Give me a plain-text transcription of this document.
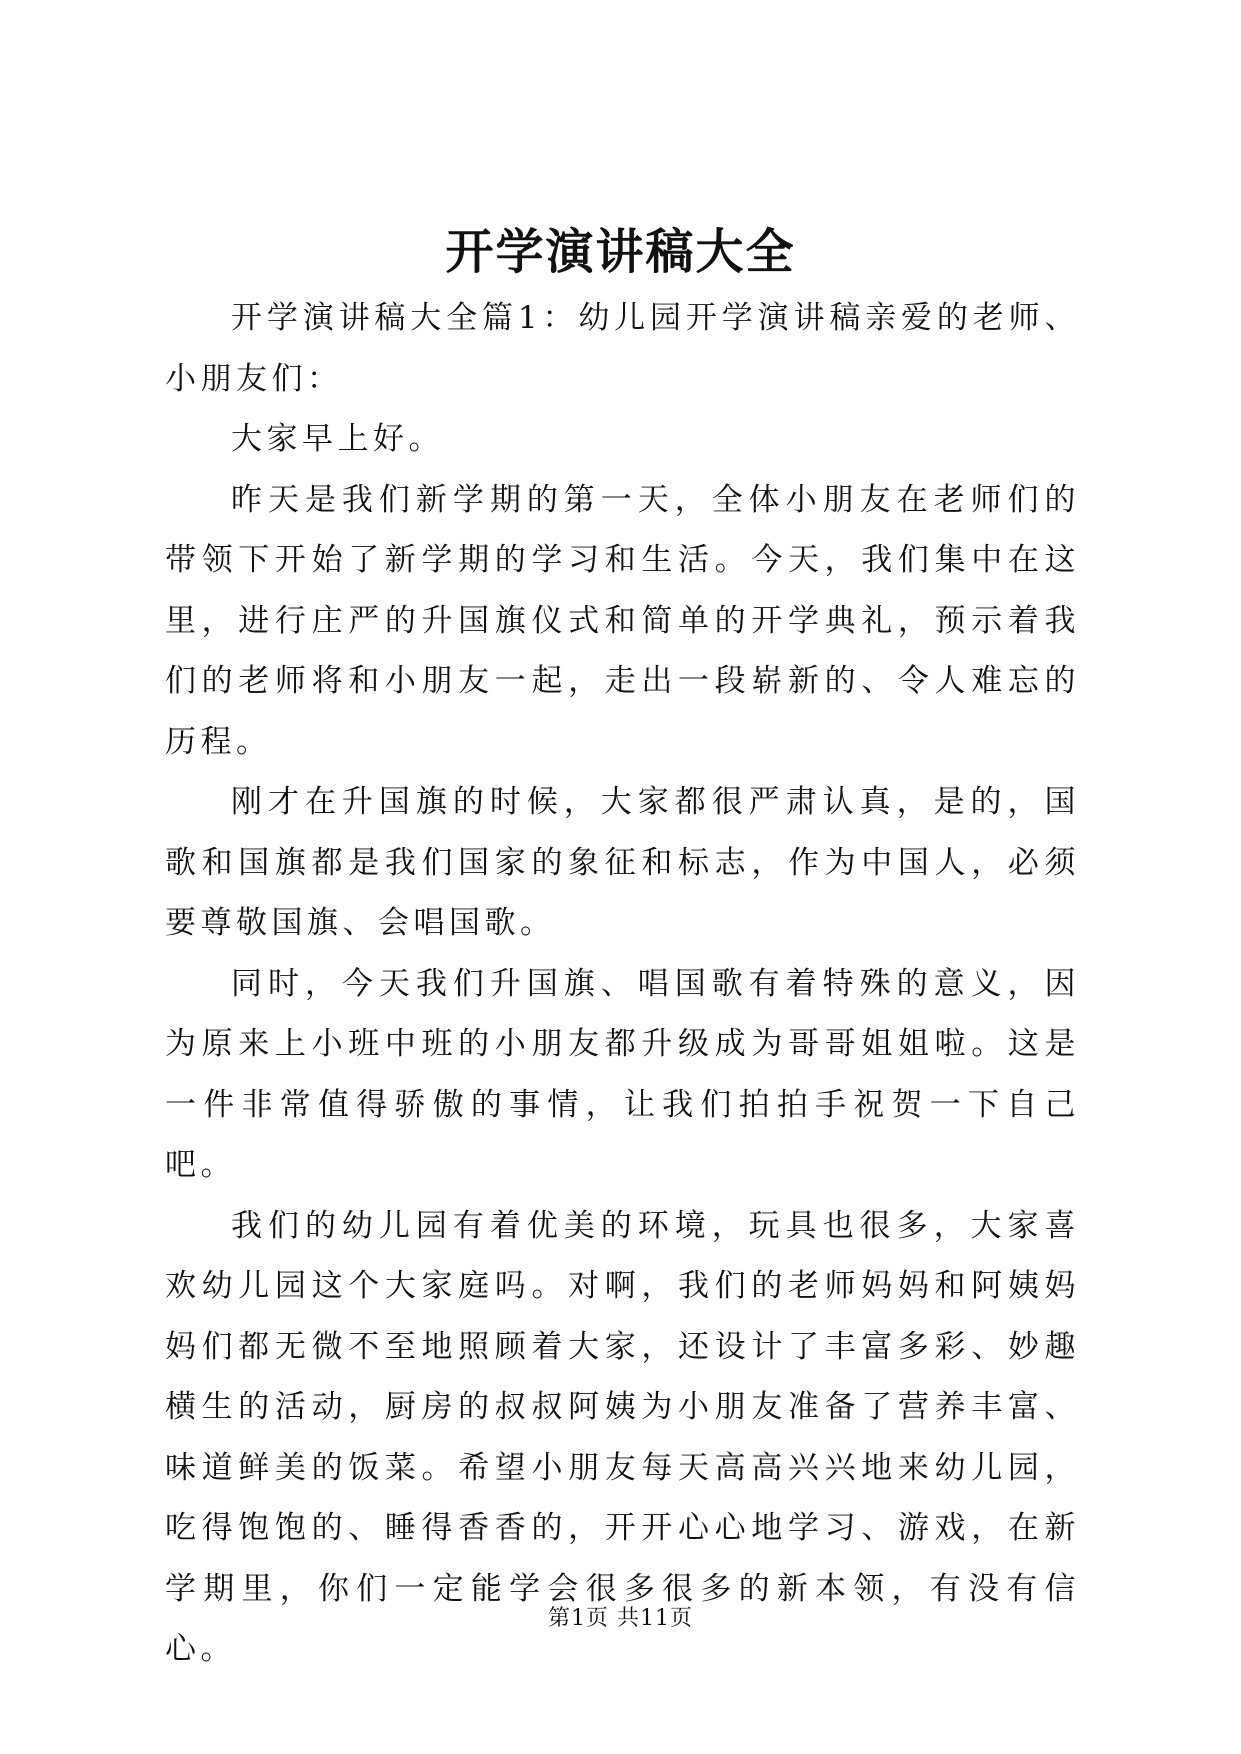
开学演讲稿大全

开学演讲稿大全篇1：幼儿园开学演讲稿亲爱的老师、小朋友们：

大家早上好。

昨天是我们新学期的第一天，全体小朋友在老师们的带领下开始了新学期的学习和生活。今天，我们集中在这里，进行庄严的升国旗仪式和简单的开学典礼，预示着我们的老师将和小朋友一起，走出一段崭新的、令人难忘的历程。

刚才在升国旗的时候，大家都很严肃认真，是的，国歌和国旗都是我们国家的象征和标志，作为中国人，必须要尊敬国旗、会唱国歌。

同时，今天我们升国旗、唱国歌有着特殊的意义，因为原来上小班中班的小朋友都升级成为哥哥姐姐啦。这是一件非常值得骄傲的事情，让我们拍拍手祝贺一下自己吧。

我们的幼儿园有着优美的环境，玩具也很多，大家喜欢幼儿园这个大家庭吗。对啊，我们的老师妈妈和阿姨妈妈们都无微不至地照顾着大家，还设计了丰富多彩、妙趣横生的活动，厨房的叔叔阿姨为小朋友准备了营养丰富、味道鲜美的饭菜。希望小朋友每天高高兴兴地来幼儿园，吃得饱饱的、睡得香香的，开开心心地学习、游戏，在新学期里，你们一定能学会很多很多的新本领，有没有信心。

第1页 共11页
